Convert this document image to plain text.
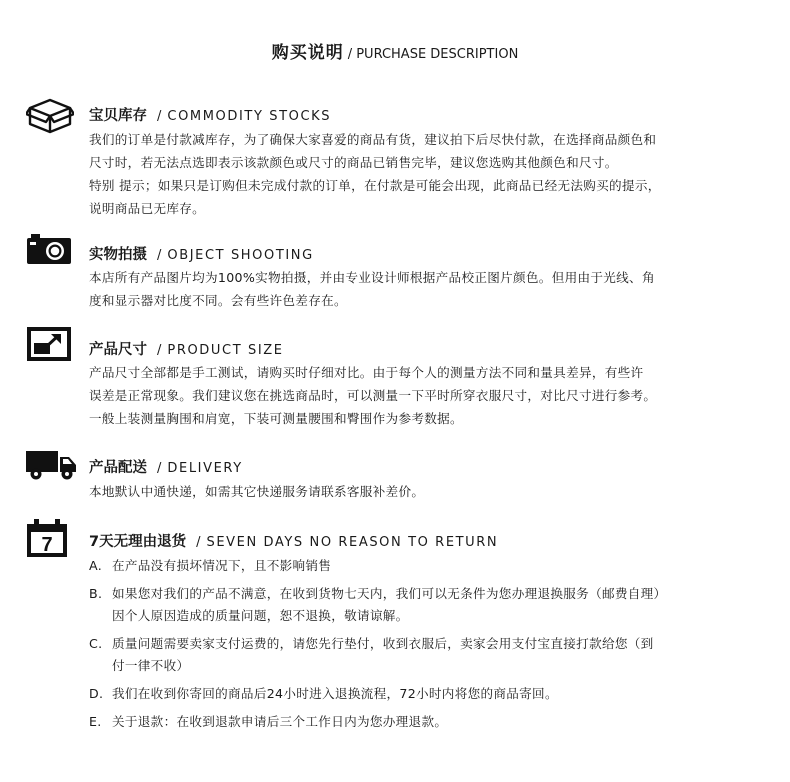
购买说明 / PURCHASE DESCRIPTION
宝贝库存 / COMMODITY STOCKS

我们的订单是付款减库存，为了确保大家喜爱的商品有货，建议拍下后尽快付款，在选择商品颜色和

尺寸时，若无法点选即表示该款颜色或尺寸的商品已销售完毕，建议您选购其他颜色和尺寸。

特别 提示；如果只是订购但未完成付款的订单，在付款是可能会出现，此商品已经无法购买的提示，

说明商品已无库存。

实物拍摄 / OBJECT SHOOTING

本店所有产品图片均为100%实物拍摄，并由专业设计师根据产品校正图片颜色。但用由于光线、角

度和显示器对比度不同。会有些许色差存在。

产品尺寸 / PRODUCT SIZE

产品尺寸全部都是手工测试，请购买时仔细对比。由于每个人的测量方法不同和量具差异，有些许

误差是正常现象。我们建议您在挑选商品时，可以测量一下平时所穿衣服尺寸，对比尺寸进行参考。

一般上装测量胸围和肩宽，下装可测量腰围和臀围作为参考数据。

产品配送 / DELIVERY

本地默认中通快递，如需其它快递服务请联系客服补差价。

7	7天无理由退货 / SEVEN DAYS NO REASON TO RETURN
A. 在产品没有损坏情况下，且不影响销售
B. 如果您对我们的产品不满意，在收到货物七天内，我们可以无条件为您办理退换服务（邮费自理）
因个人原因造成的质量问题，恕不退换，敬请谅解。
C. 质量问题需要卖家支付运费的，请您先行垫付，收到衣服后，卖家会用支付宝直接打款给您（到
付一律不收）
D. 我们在收到你寄回的商品后24小时进入退换流程，72小时内将您的商品寄回。
E. 关于退款：在收到退款申请后三个工作日内为您办理退款。
